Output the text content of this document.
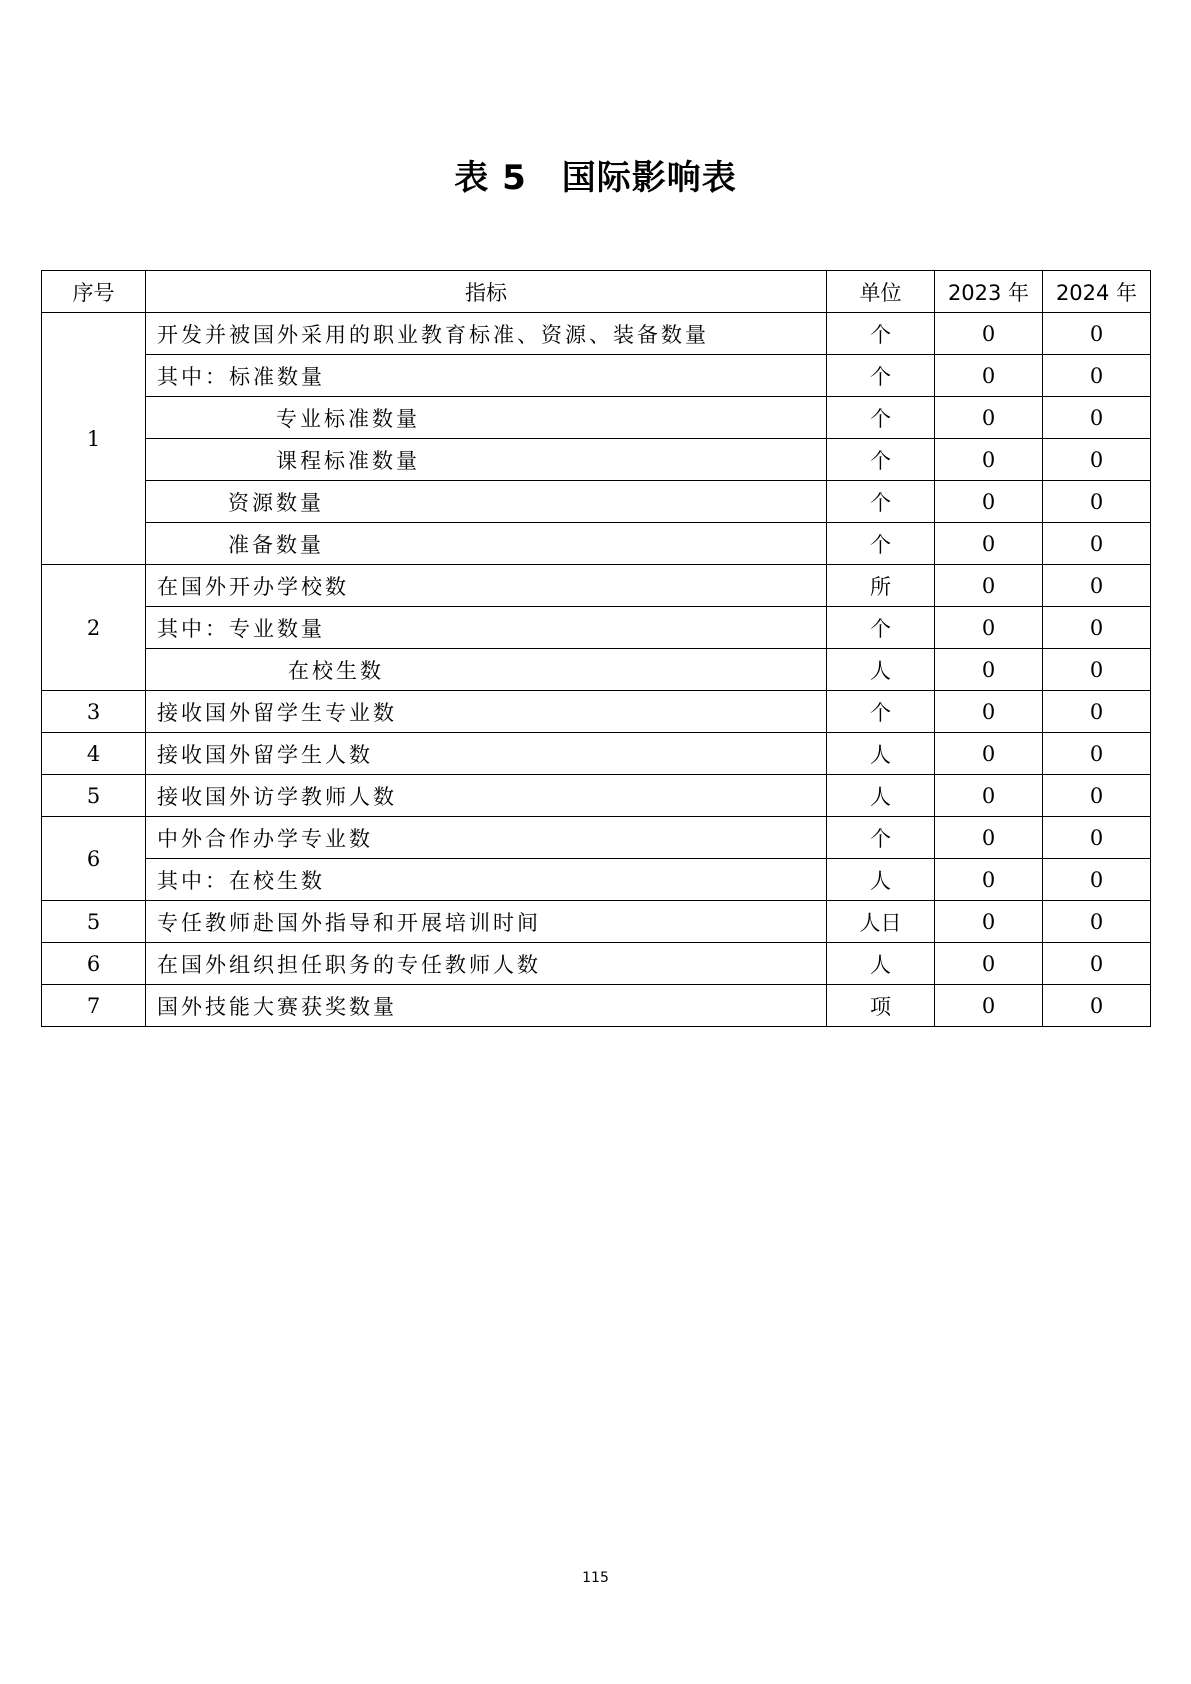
表 5　国际影响表
序号	指标	单位	2023 年	2024 年
1	开发并被国外采用的职业教育标准、资源、装备数量	个	0	0
	其中：标准数量	个	0	0
	专业标准数量	个	0	0
	课程标准数量	个	0	0
	资源数量	个	0	0
	准备数量	个	0	0
2	在国外开办学校数	所	0	0
	其中：专业数量	个	0	0
	在校生数	人	0	0
3	接收国外留学生专业数	个	0	0
4	接收国外留学生人数	人	0	0
5	接收国外访学教师人数	人	0	0
6	中外合作办学专业数	个	0	0
	其中：在校生数	人	0	0
5	专任教师赴国外指导和开展培训时间	人日	0	0
6	在国外组织担任职务的专任教师人数	人	0	0
7	国外技能大赛获奖数量	项	0	0
115
